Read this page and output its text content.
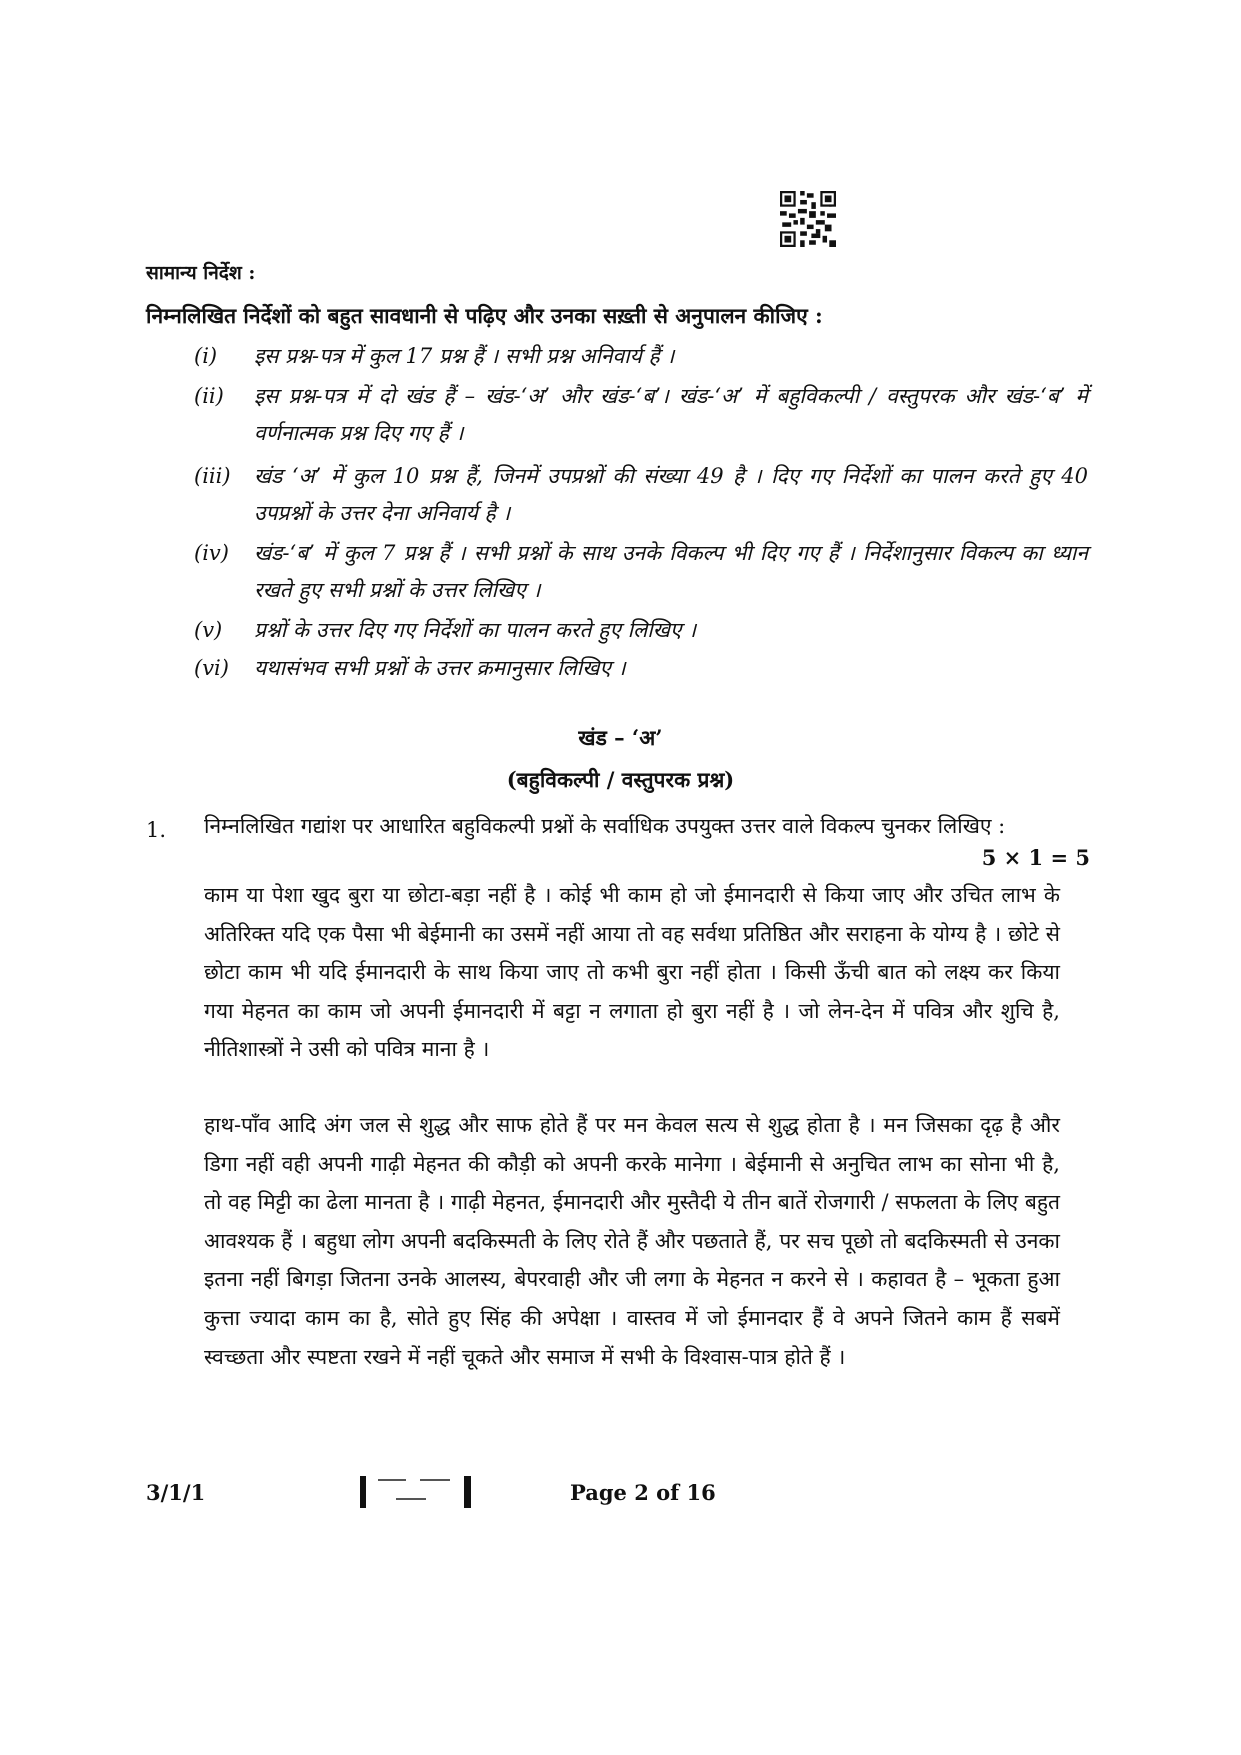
सामान्य निर्देश :
निम्नलिखित निर्देशों को बहुत सावधानी से पढ़िए और उनका सख़्ती से अनुपालन कीजिए :
(i) इस प्रश्न-पत्र में कुल 17 प्रश्न हैं । सभी प्रश्न अनिवार्य हैं ।
(ii) इस प्रश्न-पत्र में दो खंड हैं – खंड-‘अ’ और खंड-‘ब’। खंड-‘अ’ में बहुविकल्पी / वस्तुपरक और खंड-‘ब’ में वर्णनात्मक प्रश्न दिए गए हैं ।
(iii) खंड ‘अ’ में कुल 10 प्रश्न हैं, जिनमें उपप्रश्नों की संख्या 49 है । दिए गए निर्देशों का पालन करते हुए 40 उपप्रश्नों के उत्तर देना अनिवार्य है ।
(iv) खंड-‘ब’ में कुल 7 प्रश्न हैं । सभी प्रश्नों के साथ उनके विकल्प भी दिए गए हैं । निर्देशानुसार विकल्प का ध्यान रखते हुए सभी प्रश्नों के उत्तर लिखिए ।
(v) प्रश्नों के उत्तर दिए गए निर्देशों का पालन करते हुए लिखिए ।
(vi) यथासंभव सभी प्रश्नों के उत्तर क्रमानुसार लिखिए ।
खंड – ‘अ’
(बहुविकल्पी / वस्तुपरक प्रश्न)
1. निम्नलिखित गद्यांश पर आधारित बहुविकल्पी प्रश्नों के सर्वाधिक उपयुक्त उत्तर वाले विकल्प चुनकर लिखिए :
5 × 1 = 5
काम या पेशा खुद बुरा या छोटा-बड़ा नहीं है । कोई भी काम हो जो ईमानदारी से किया जाए और उचित लाभ के अतिरिक्त यदि एक पैसा भी बेईमानी का उसमें नहीं आया तो वह सर्वथा प्रतिष्ठित और सराहना के योग्य है । छोटे से छोटा काम भी यदि ईमानदारी के साथ किया जाए तो कभी बुरा नहीं होता । किसी ऊँची बात को लक्ष्य कर किया गया मेहनत का काम जो अपनी ईमानदारी में बट्टा न लगाता हो बुरा नहीं है । जो लेन-देन में पवित्र और शुचि है, नीतिशास्त्रों ने उसी को पवित्र माना है ।
हाथ-पाँव आदि अंग जल से शुद्ध और साफ होते हैं पर मन केवल सत्य से शुद्ध होता है । मन जिसका दृढ़ है और डिगा नहीं वही अपनी गाढ़ी मेहनत की कौड़ी को अपनी करके मानेगा । बेईमानी से अनुचित लाभ का सोना भी है, तो वह मिट्टी का ढेला मानता है । गाढ़ी मेहनत, ईमानदारी और मुस्तैदी ये तीन बातें रोजगारी / सफलता के लिए बहुत आवश्यक हैं । बहुधा लोग अपनी बदकिस्मती के लिए रोते हैं और पछताते हैं, पर सच पूछो तो बदकिस्मती से उनका इतना नहीं बिगड़ा जितना उनके आलस्य, बेपरवाही और जी लगा के मेहनत न करने से । कहावत है – भूकता हुआ कुत्ता ज्यादा काम का है, सोते हुए सिंह की अपेक्षा । वास्तव में जो ईमानदार हैं वे अपने जितने काम हैं सबमें स्वच्छता और स्पष्टता रखने में नहीं चूकते और समाज में सभी के विश्वास-पात्र होते हैं ।
3/1/1	Page 2 of 16
